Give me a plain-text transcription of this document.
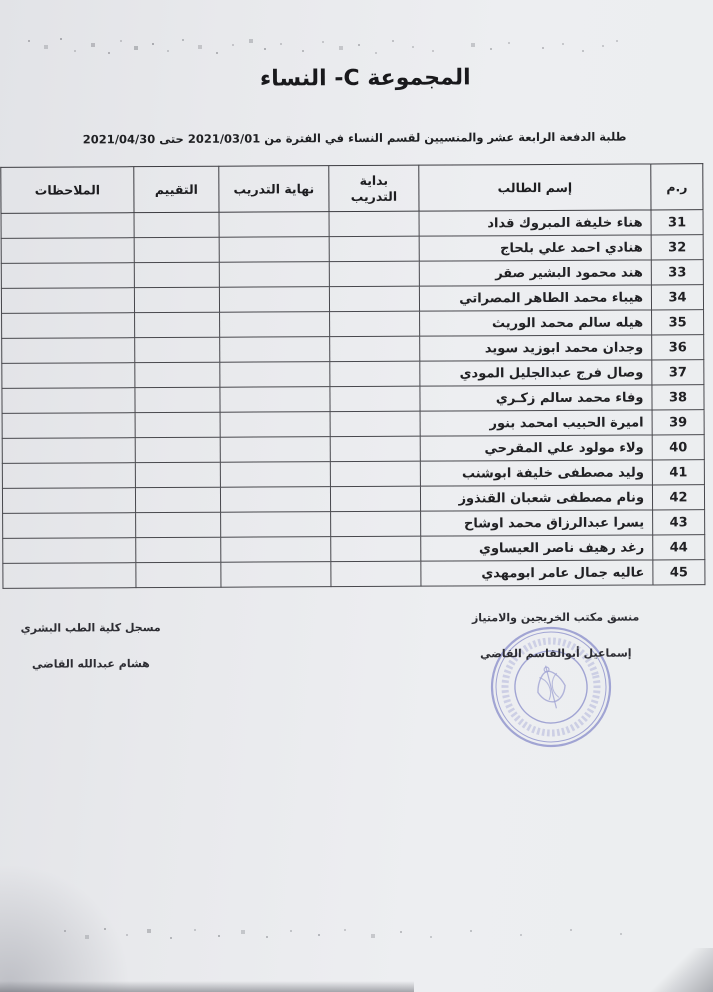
المجموعة C- النساء
طلبة الدفعة الرابعة عشر والمنسيين لقسم النساء في الفترة من 2021/03/01 حتى 2021/04/30
ر.م	إسم الطالب	بداية التدريب	نهاية التدريب	التقييم	الملاحظات
31	هناء خليفة المبروك قداد				
32	هنادي احمد علي بلحاج				
33	هند محمود البشير صقر				
34	هيباء محمد الطاهر المصراتي				
35	هيله سالم محمد الوريث				
36	وجدان محمد ابوزيد سويد				
37	وصال فرج عبدالجليل المودي				
38	وفاء محمد سالم زكـري				
39	اميرة الحبيب امحمد بنور				
40	ولاء مولود علي المقرحي				
41	وليد مصطفى خليفة ابوشنب				
42	ونام مصطفى شعبان القنذوز				
43	يسرا عبدالرزاق محمد اوشاح				
44	رغد رهيف ناصر العيساوي				
45	عاليه جمال عامر ابومهدي				
منسق مكتب الخريجين والامتياز
إسماعيل أبوالقاسم القاضي
مسجل كلية الطب البشري
هشام عبدالله القاضي
